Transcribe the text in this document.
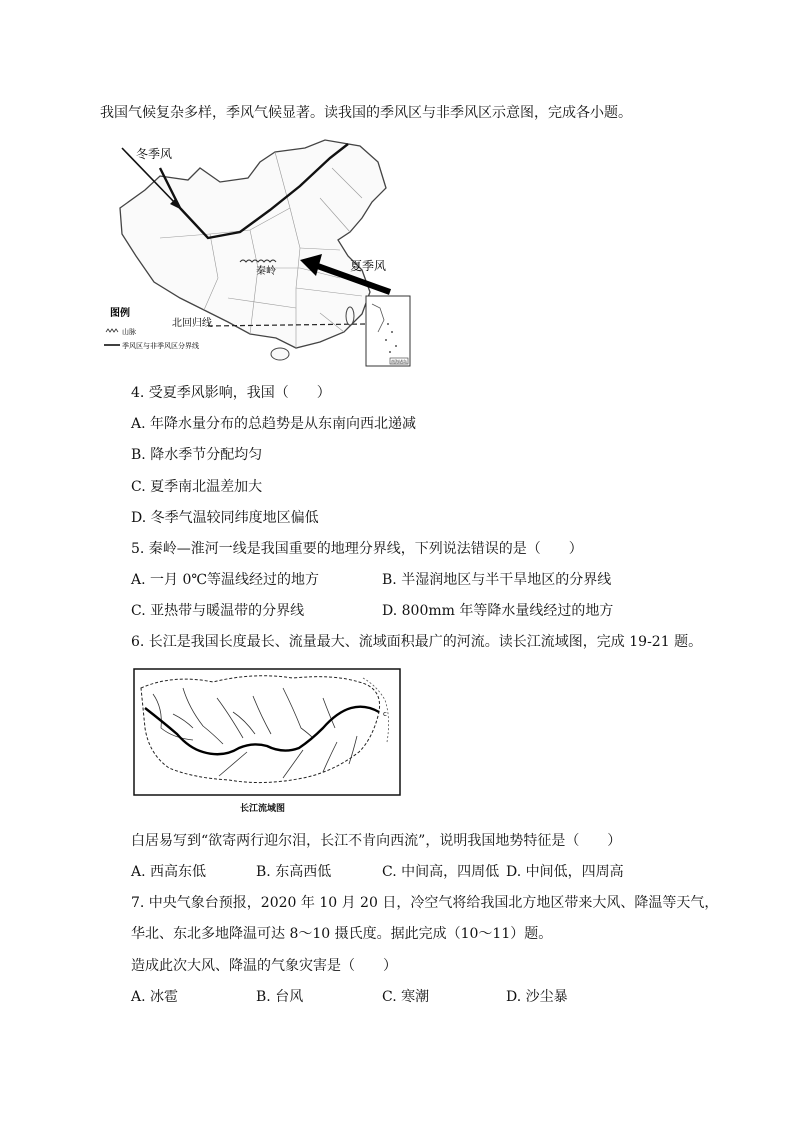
我国气候复杂多样，季风气候显著。读我国的季风区与非季风区示意图，完成各小题。
南海诸岛
冬季风
夏季风
秦岭
北回归线
图例
山脉
季风区与非季风区分界线
4. 受夏季风影响，我国（　　）
A. 年降水量分布的总趋势是从东南向西北递减
B. 降水季节分配均匀
C. 夏季南北温差加大
D. 冬季气温较同纬度地区偏低
5. 秦岭—淮河一线是我国重要的地理分界线，下列说法错误的是（　　）
A. 一月 0℃等温线经过的地方	B. 半湿润地区与半干旱地区的分界线
C. 亚热带与暖温带的分界线	D. 800mm 年等降水量线经过的地方
6. 长江是我国长度最长、流量最大、流域面积最广的河流。读长江流域图，完成 19-21 题。
c
长江流域图
白居易写到“欲寄两行迎尔泪，长江不肯向西流”，说明我国地势特征是（　　）
A. 西高东低	B. 东高西低	C. 中间高，四周低 D. 中间低，四周高
7. 中央气象台预报，2020 年 10 月 20 日，冷空气将给我国北方地区带来大风、降温等天气，
华北、东北多地降温可达 8～10 摄氏度。据此完成（10～11）题。
造成此次大风、降温的气象灾害是（　　）
A. 冰雹	B. 台风	C. 寒潮	D. 沙尘暴
